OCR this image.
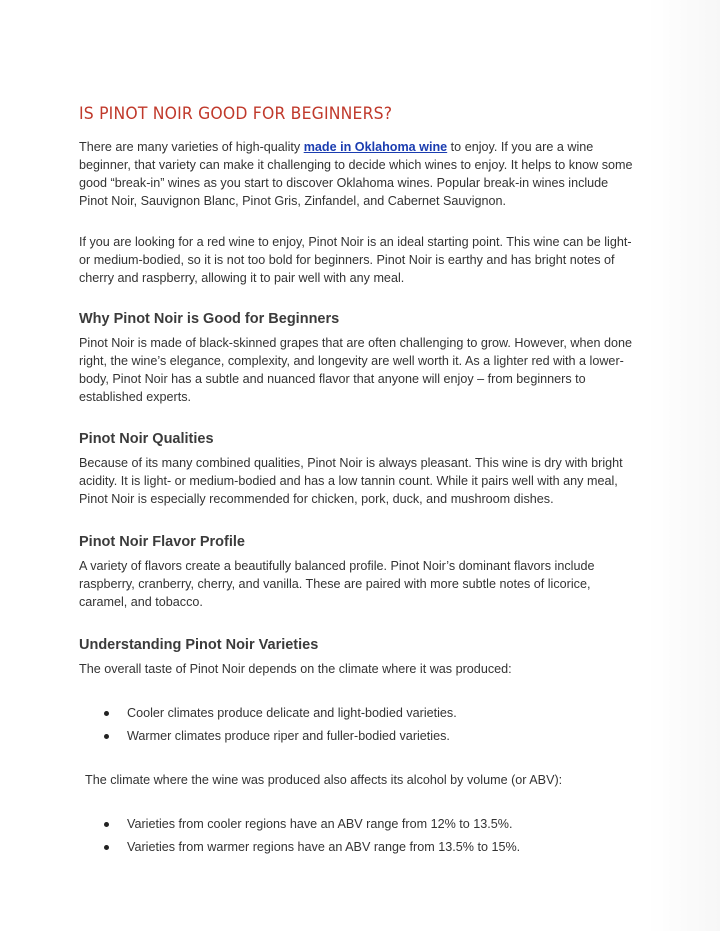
IS PINOT NOIR GOOD FOR BEGINNERS?

There are many varieties of high-quality made in Oklahoma wine to enjoy. If you are a wine beginner, that variety can make it challenging to decide which wines to enjoy. It helps to know some good “break-in” wines as you start to discover Oklahoma wines. Popular break-in wines include Pinot Noir, Sauvignon Blanc, Pinot Gris, Zinfandel, and Cabernet Sauvignon.

If you are looking for a red wine to enjoy, Pinot Noir is an ideal starting point. This wine can be light- or medium-bodied, so it is not too bold for beginners. Pinot Noir is earthy and has bright notes of cherry and raspberry, allowing it to pair well with any meal.

Why Pinot Noir is Good for Beginners

Pinot Noir is made of black-skinned grapes that are often challenging to grow. However, when done right, the wine’s elegance, complexity, and longevity are well worth it. As a lighter red with a lower-body, Pinot Noir has a subtle and nuanced flavor that anyone will enjoy – from beginners to established experts.

Pinot Noir Qualities

Because of its many combined qualities, Pinot Noir is always pleasant. This wine is dry with bright acidity. It is light- or medium-bodied and has a low tannin count. While it pairs well with any meal, Pinot Noir is especially recommended for chicken, pork, duck, and mushroom dishes.

Pinot Noir Flavor Profile

A variety of flavors create a beautifully balanced profile. Pinot Noir’s dominant flavors include raspberry, cranberry, cherry, and vanilla. These are paired with more subtle notes of licorice, caramel, and tobacco.

Understanding Pinot Noir Varieties

The overall taste of Pinot Noir depends on the climate where it was produced:

Cooler climates produce delicate and light-bodied varieties.
Warmer climates produce riper and fuller-bodied varieties.

The climate where the wine was produced also affects its alcohol by volume (or ABV):

Varieties from cooler regions have an ABV range from 12% to 13.5%.
Varieties from warmer regions have an ABV range from 13.5% to 15%.
